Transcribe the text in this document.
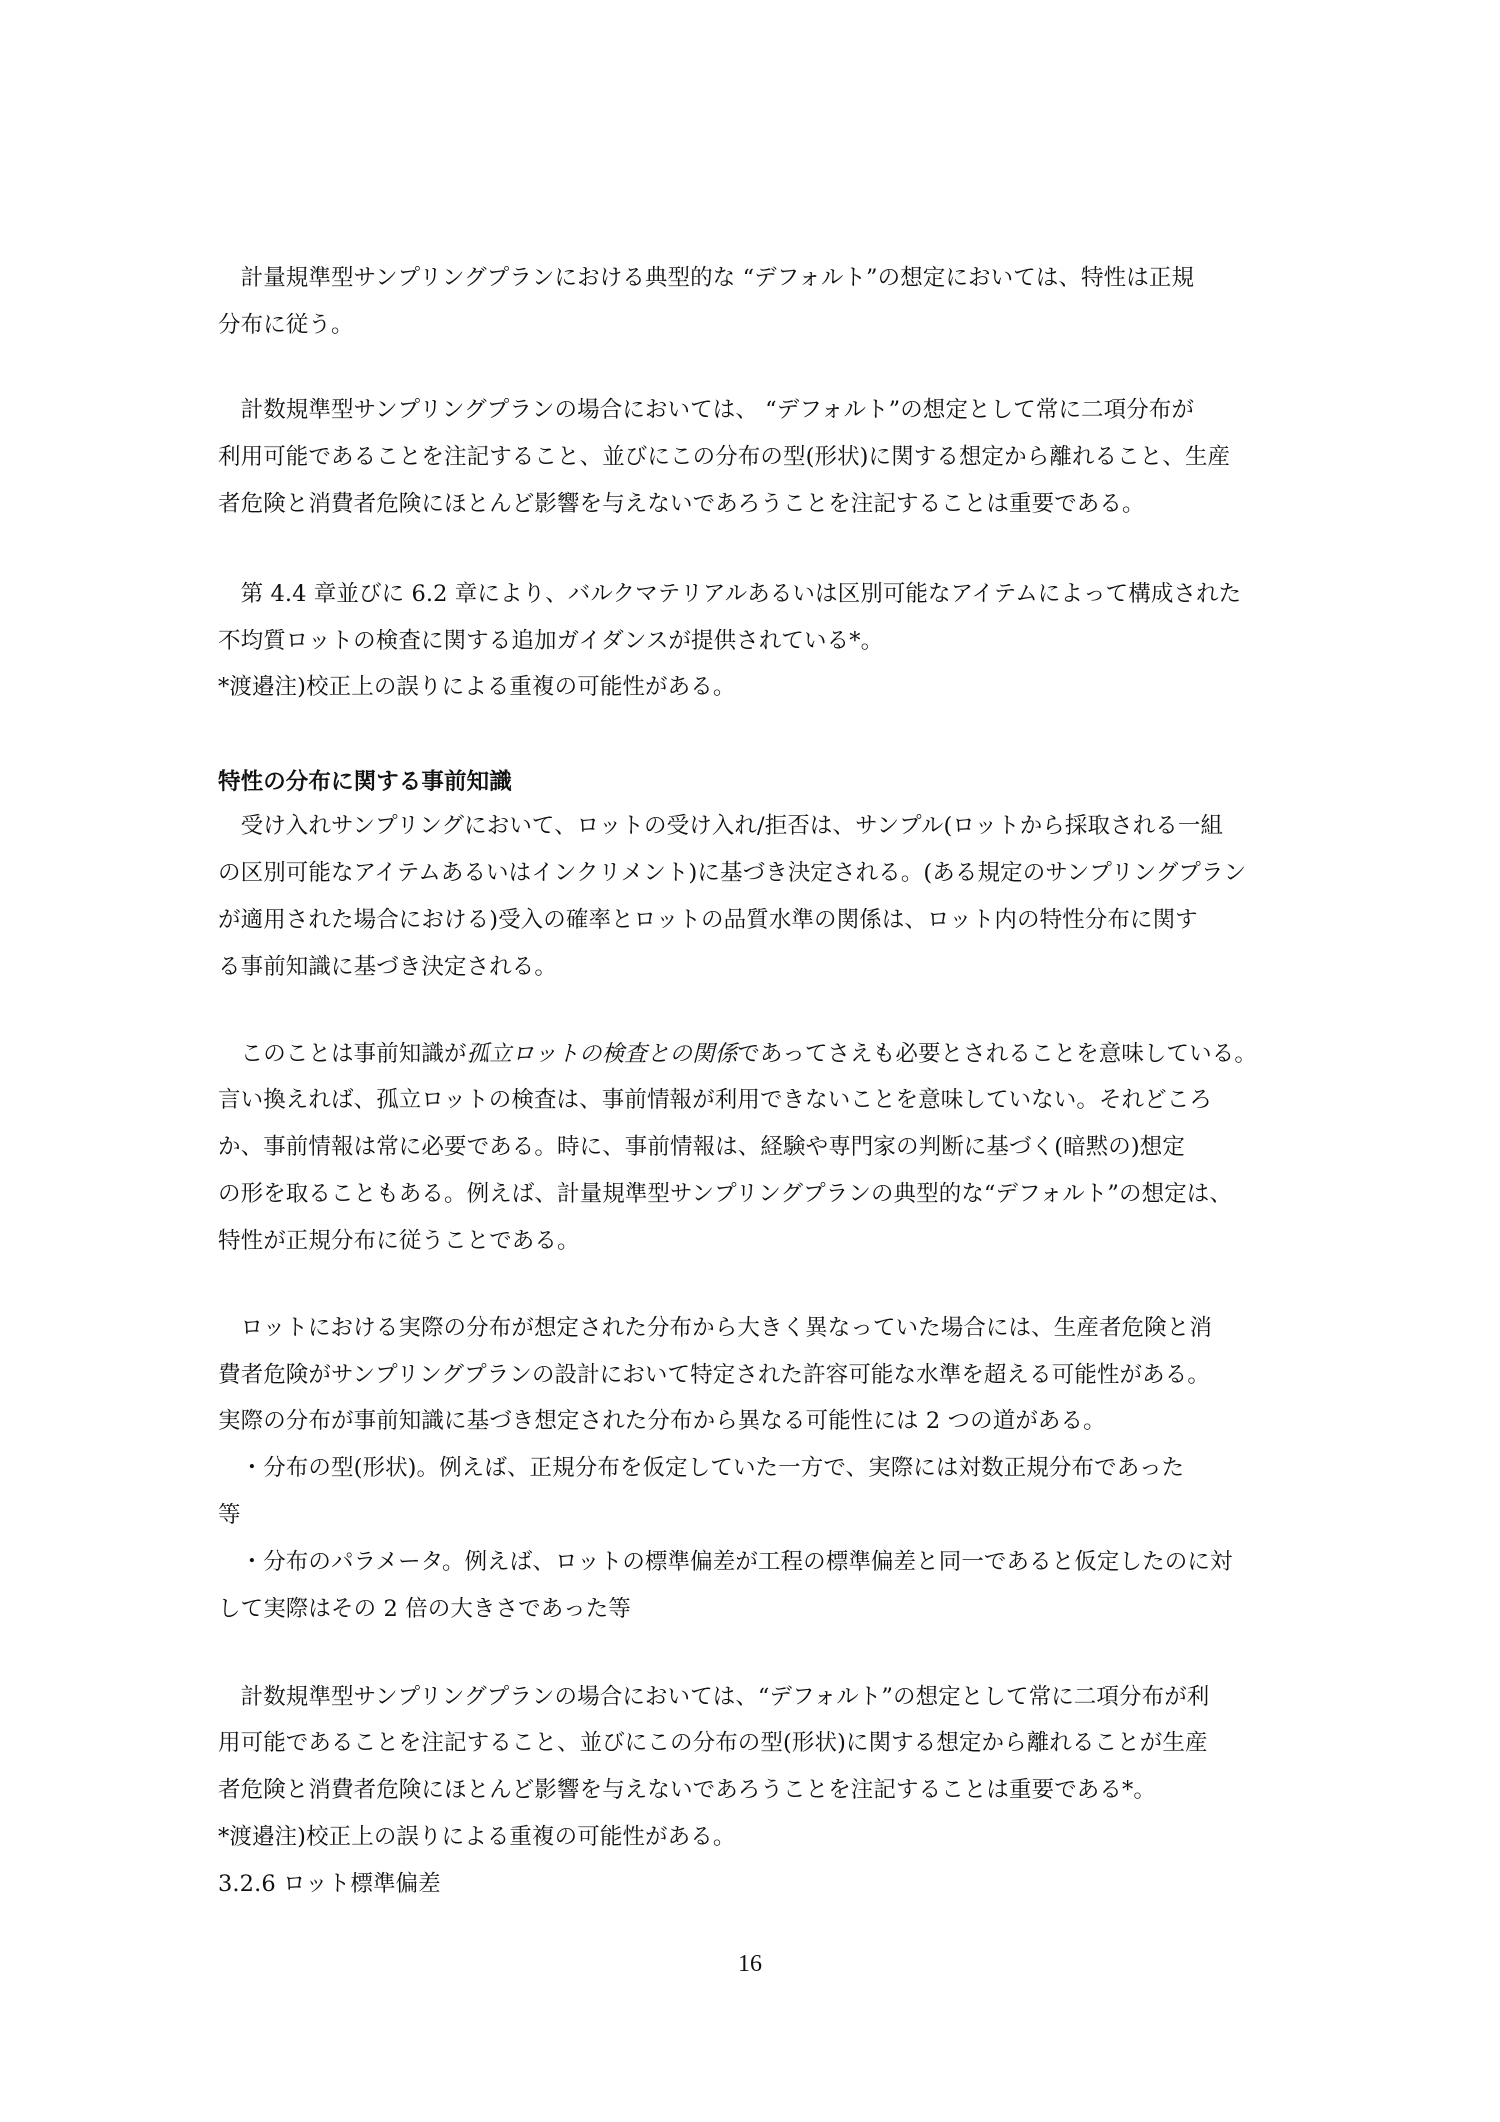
　計量規準型サンプリングプランにおける典型的な “デフォルト”の想定においては、特性は正規
分布に従う。
　計数規準型サンプリングプランの場合においては、 “デフォルト”の想定として常に二項分布が
利用可能であることを注記すること、並びにこの分布の型(形状)に関する想定から離れること、生産
者危険と消費者危険にほとんど影響を与えないであろうことを注記することは重要である。
　第 4.4 章並びに 6.2 章により、バルクマテリアルあるいは区別可能なアイテムによって構成された
不均質ロットの検査に関する追加ガイダンスが提供されている*。
*渡邉注)校正上の誤りによる重複の可能性がある。
特性の分布に関する事前知識
　受け入れサンプリングにおいて、ロットの受け入れ/拒否は、サンプル(ロットから採取される一組
の区別可能なアイテムあるいはインクリメント)に基づき決定される。(ある規定のサンプリングプラン
が適用された場合における)受入の確率とロットの品質水準の関係は、ロット内の特性分布に関す
る事前知識に基づき決定される。
　このことは事前知識が孤立ロットの検査との関係であってさえも必要とされることを意味している。
言い換えれば、孤立ロットの検査は、事前情報が利用できないことを意味していない。それどころ
か、事前情報は常に必要である。時に、事前情報は、経験や専門家の判断に基づく(暗黙の)想定
の形を取ることもある。例えば、計量規準型サンプリングプランの典型的な“デフォルト”の想定は、
特性が正規分布に従うことである。
　ロットにおける実際の分布が想定された分布から大きく異なっていた場合には、生産者危険と消
費者危険がサンプリングプランの設計において特定された許容可能な水準を超える可能性がある。
実際の分布が事前知識に基づき想定された分布から異なる可能性には 2 つの道がある。
　・分布の型(形状)。例えば、正規分布を仮定していた一方で、実際には対数正規分布であった
等
　・分布のパラメータ。例えば、ロットの標準偏差が工程の標準偏差と同一であると仮定したのに対
して実際はその 2 倍の大きさであった等
　計数規準型サンプリングプランの場合においては、“デフォルト”の想定として常に二項分布が利
用可能であることを注記すること、並びにこの分布の型(形状)に関する想定から離れることが生産
者危険と消費者危険にほとんど影響を与えないであろうことを注記することは重要である*。
*渡邉注)校正上の誤りによる重複の可能性がある。
3.2.6 ロット標準偏差
16
